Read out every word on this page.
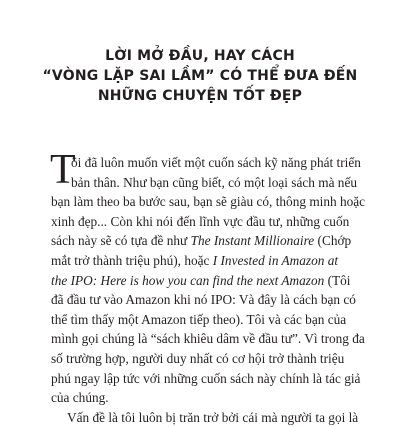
LỜI MỞ ĐẦU, HAY CÁCH
“VÒNG LẶP SAI LẦM” CÓ THỂ ĐƯA ĐẾN
NHỮNG CHUYỆN TỐT ĐẸP
T
ôi đã luôn muốn viết một cuốn sách kỹ năng phát triển
bản thân. Như bạn cũng biết, có một loại sách mà nếu
bạn làm theo ba bước sau, bạn sẽ giàu có, thông minh hoặc
xinh đẹp... Còn khi nói đến lĩnh vực đầu tư, những cuốn
sách này sẽ có tựa đề như The Instant Millionaire (Chớp
mắt trở thành triệu phú), hoặc I Invested in Amazon at
the IPO: Here is how you can find the next Amazon (Tôi
đã đầu tư vào Amazon khi nó IPO: Và đây là cách bạn có
thể tìm thấy một Amazon tiếp theo). Tôi và các bạn của
mình gọi chúng là “sách khiêu dâm về đầu tư”. Vì trong đa
số trường hợp, người duy nhất có cơ hội trở thành triệu
phú ngay lập tức với những cuốn sách này chính là tác giả
của chúng.
Vấn đề là tôi luôn bị trăn trở bởi cái mà người ta gọi là
